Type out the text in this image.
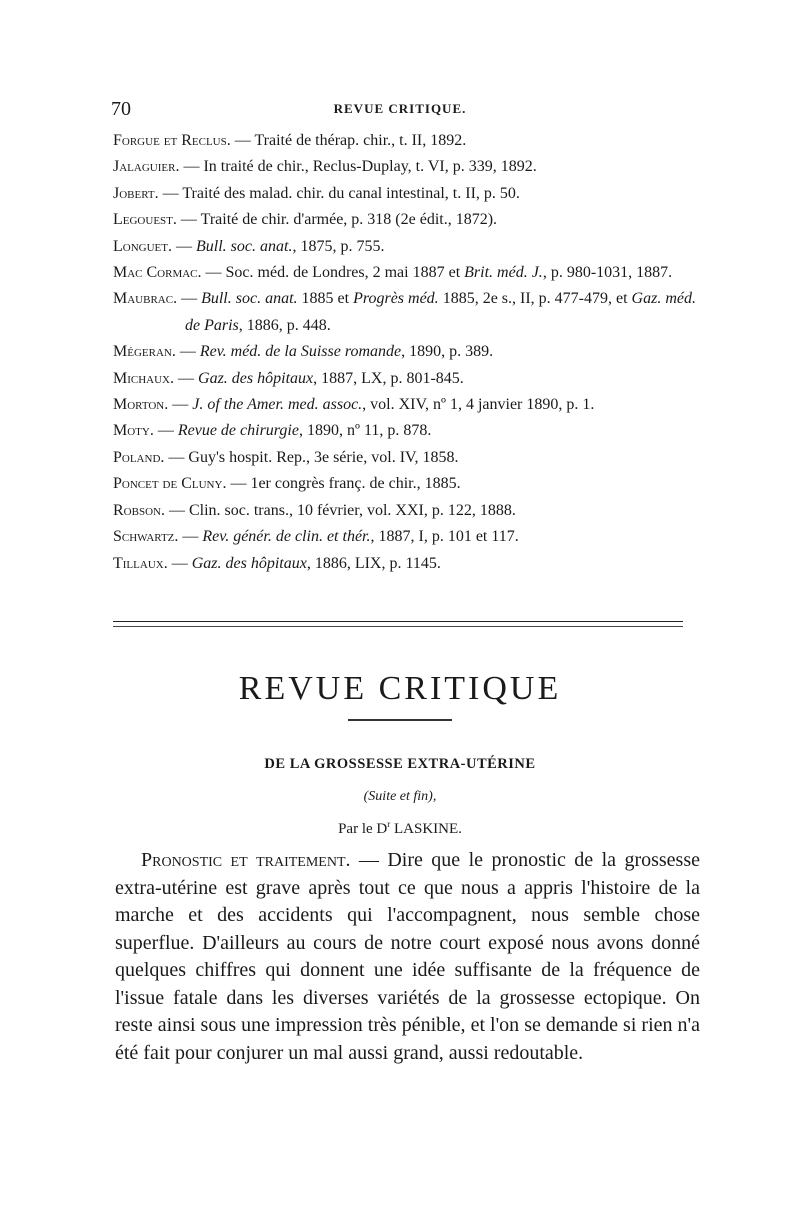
70	REVUE CRITIQUE.
Forgue et Reclus. — Traité de thérap. chir., t. II, 1892.
Jalaguier. — In traité de chir., Reclus-Duplay, t. VI, p. 339, 1892.
Jobert. — Traité des malad. chir. du canal intestinal, t. II, p. 50.
Legouest. — Traité de chir. d'armée, p. 318 (2e édit., 1872).
Longuet. — Bull. soc. anat., 1875, p. 755.
Mac Cormac. — Soc. méd. de Londres, 2 mai 1887 et Brit. méd. J., p. 980-1031, 1887.
Maubrac. — Bull. soc. anat. 1885 et Progrès méd. 1885, 2e s., II, p. 477-479, et Gaz. méd. de Paris, 1886, p. 448.
Mégeran. — Rev. méd. de la Suisse romande, 1890, p. 389.
Michaux. — Gaz. des hôpitaux, 1887, LX, p. 801-845.
Morton. — J. of the Amer. med. assoc., vol. XIV, nº 1, 4 janvier 1890, p. 1.
Moty. — Revue de chirurgie, 1890, nº 11, p. 878.
Poland. — Guy's hospit. Rep., 3e série, vol. IV, 1858.
Poncet de Cluny. — 1er congrès franç. de chir., 1885.
Robson. — Clin. soc. trans., 10 février, vol. XXI, p. 122, 1888.
Schwartz. — Rev. génér. de clin. et thér., 1887, I, p. 101 et 117.
Tillaux. — Gaz. des hôpitaux, 1886, LIX, p. 1145.
REVUE CRITIQUE
DE LA GROSSESSE EXTRA-UTÉRINE
(Suite et fin),
Par le $D^r$ LASKINE.

Pronostic et traitement. — Dire que le pronostic de la grossesse extra-utérine est grave après tout ce que nous a appris l'histoire de la marche et des accidents qui l'accompagnent, nous semble chose superflue. D'ailleurs au cours de notre court exposé nous avons donné quelques chiffres qui donnent une idée suffisante de la fréquence de l'issue fatale dans les diverses variétés de la grossesse ectopique. On reste ainsi sous une impression très pénible, et l'on se demande si rien n'a été fait pour conjurer un mal aussi grand, aussi redoutable.
